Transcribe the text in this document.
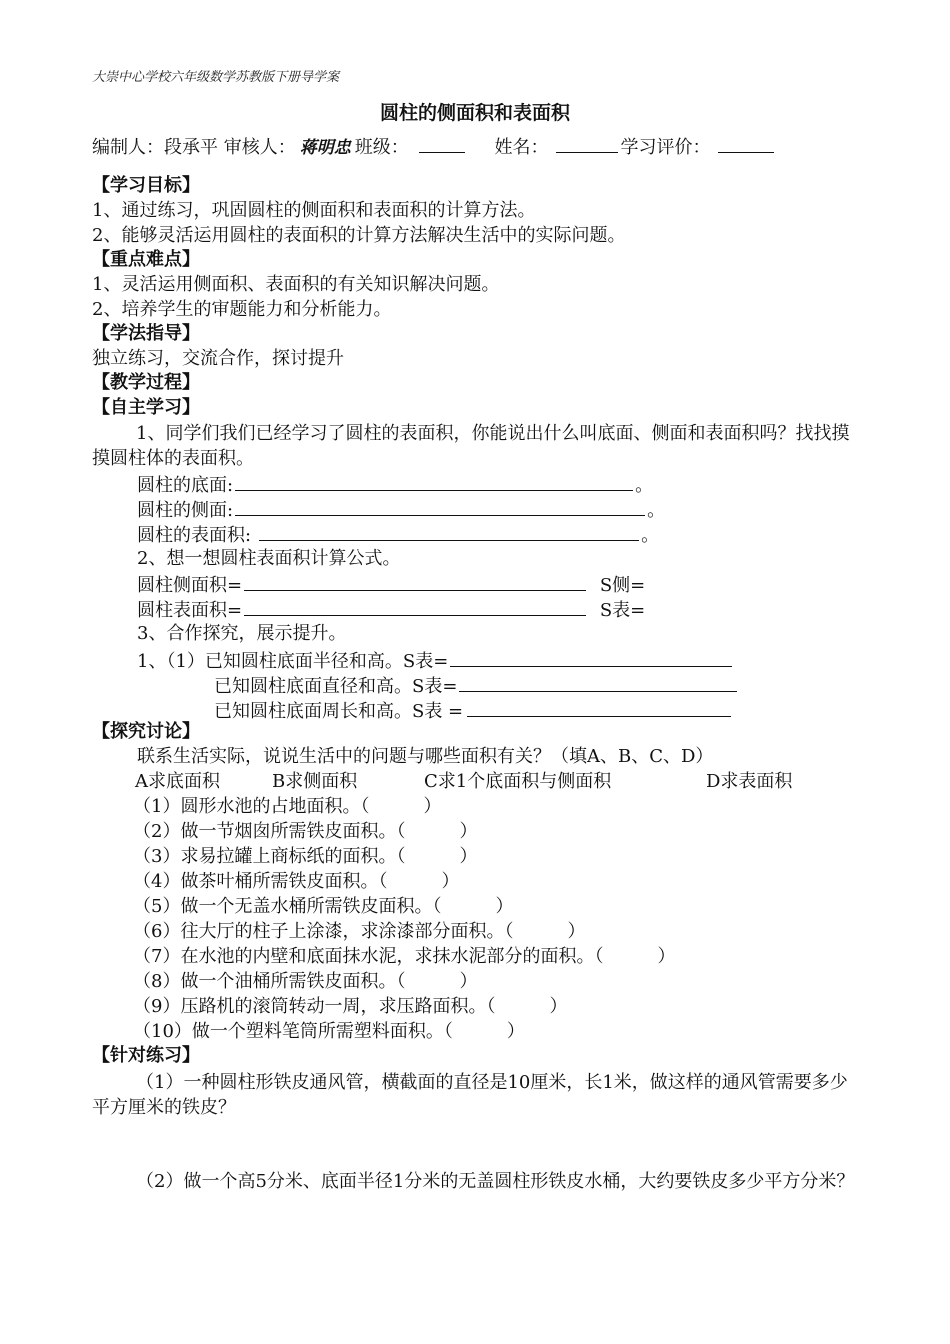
大崇中心学校六年级数学苏教版下册导学案
圆柱的侧面积和表面积
编制人：段承平 审核人： 蒋明忠 班级：	姓名：	学习评价：
【学习目标】
1、通过练习，巩固圆柱的侧面积和表面积的计算方法。
2、能够灵活运用圆柱的表面积的计算方法解决生活中的实际问题。
【重点难点】
1、灵活运用侧面积、表面积的有关知识解决问题。
2、培养学生的审题能力和分析能力。
【学法指导】
独立练习，交流合作，探讨提升
【教学过程】
【自主学习】
1、同学们我们已经学习了圆柱的表面积，你能说出什么叫底面、侧面和表面积吗？找找摸摸圆柱体的表面积。
圆柱的底面:	。
圆柱的侧面:	。
圆柱的表面积:	。
2、想一想圆柱表面积计算公式。
圆柱侧面积=	S侧=
圆柱表面积=	S表=
3、合作探究，展示提升。
1、（1）已知圆柱底面半径和高。S表=
已知圆柱底面直径和高。S表=
已知圆柱底面周长和高。S表 =
【探究讨论】
联系生活实际，说说生活中的问题与哪些面积有关？（填A、B、C、D）
A求底面积	B求侧面积	C求1个底面积与侧面积	D求表面积
（1）圆形水池的占地面积。（　　　）
（2）做一节烟囱所需铁皮面积。（　　　）
（3）求易拉罐上商标纸的面积。（　　　）
（4）做茶叶桶所需铁皮面积。（　　　）
（5）做一个无盖水桶所需铁皮面积。（　　　）
（6）往大厅的柱子上涂漆，求涂漆部分面积。（　　　）
（7）在水池的内壁和底面抹水泥，求抹水泥部分的面积。（　　　）
（8）做一个油桶所需铁皮面积。（　　　）
（9）压路机的滚筒转动一周，求压路面积。（　　　）
（10）做一个塑料笔筒所需塑料面积。（　　　）
【针对练习】
（1）一种圆柱形铁皮通风管，横截面的直径是10厘米，长1米，做这样的通风管需要多少平方厘米的铁皮？
（2）做一个高5分米、底面半径1分米的无盖圆柱形铁皮水桶，大约要铁皮多少平方分米？
